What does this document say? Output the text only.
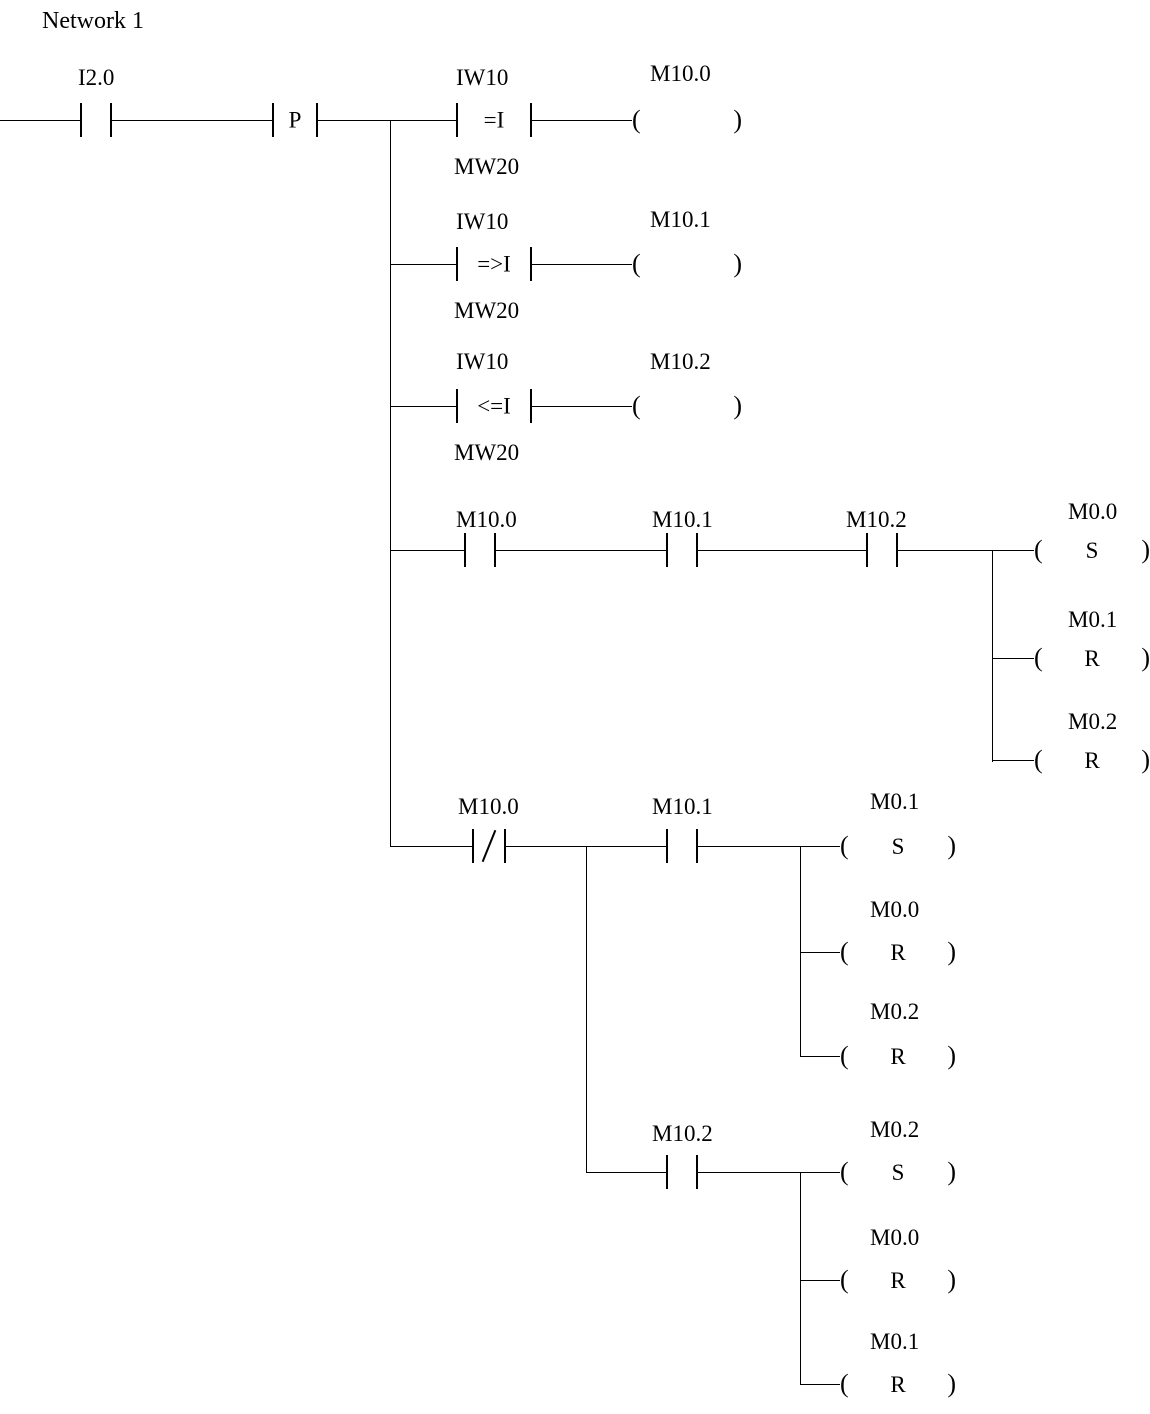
Network 1
I2.0
P
IW10
=I
MW20
M10.0
(	)
IW10
=>I
MW20
M10.1
(	)
IW10
<=I
MW20
M10.2
(	)
M10.0	M10.1	M10.2	M0.0
( S )
M0.1
( R )
M0.2
( R )
M10.0	M10.1	M0.1
( S )
M0.0
( R )
M0.2
( R )
M10.2	M0.2
( S )
M0.0
( R )
M0.1
( R )
